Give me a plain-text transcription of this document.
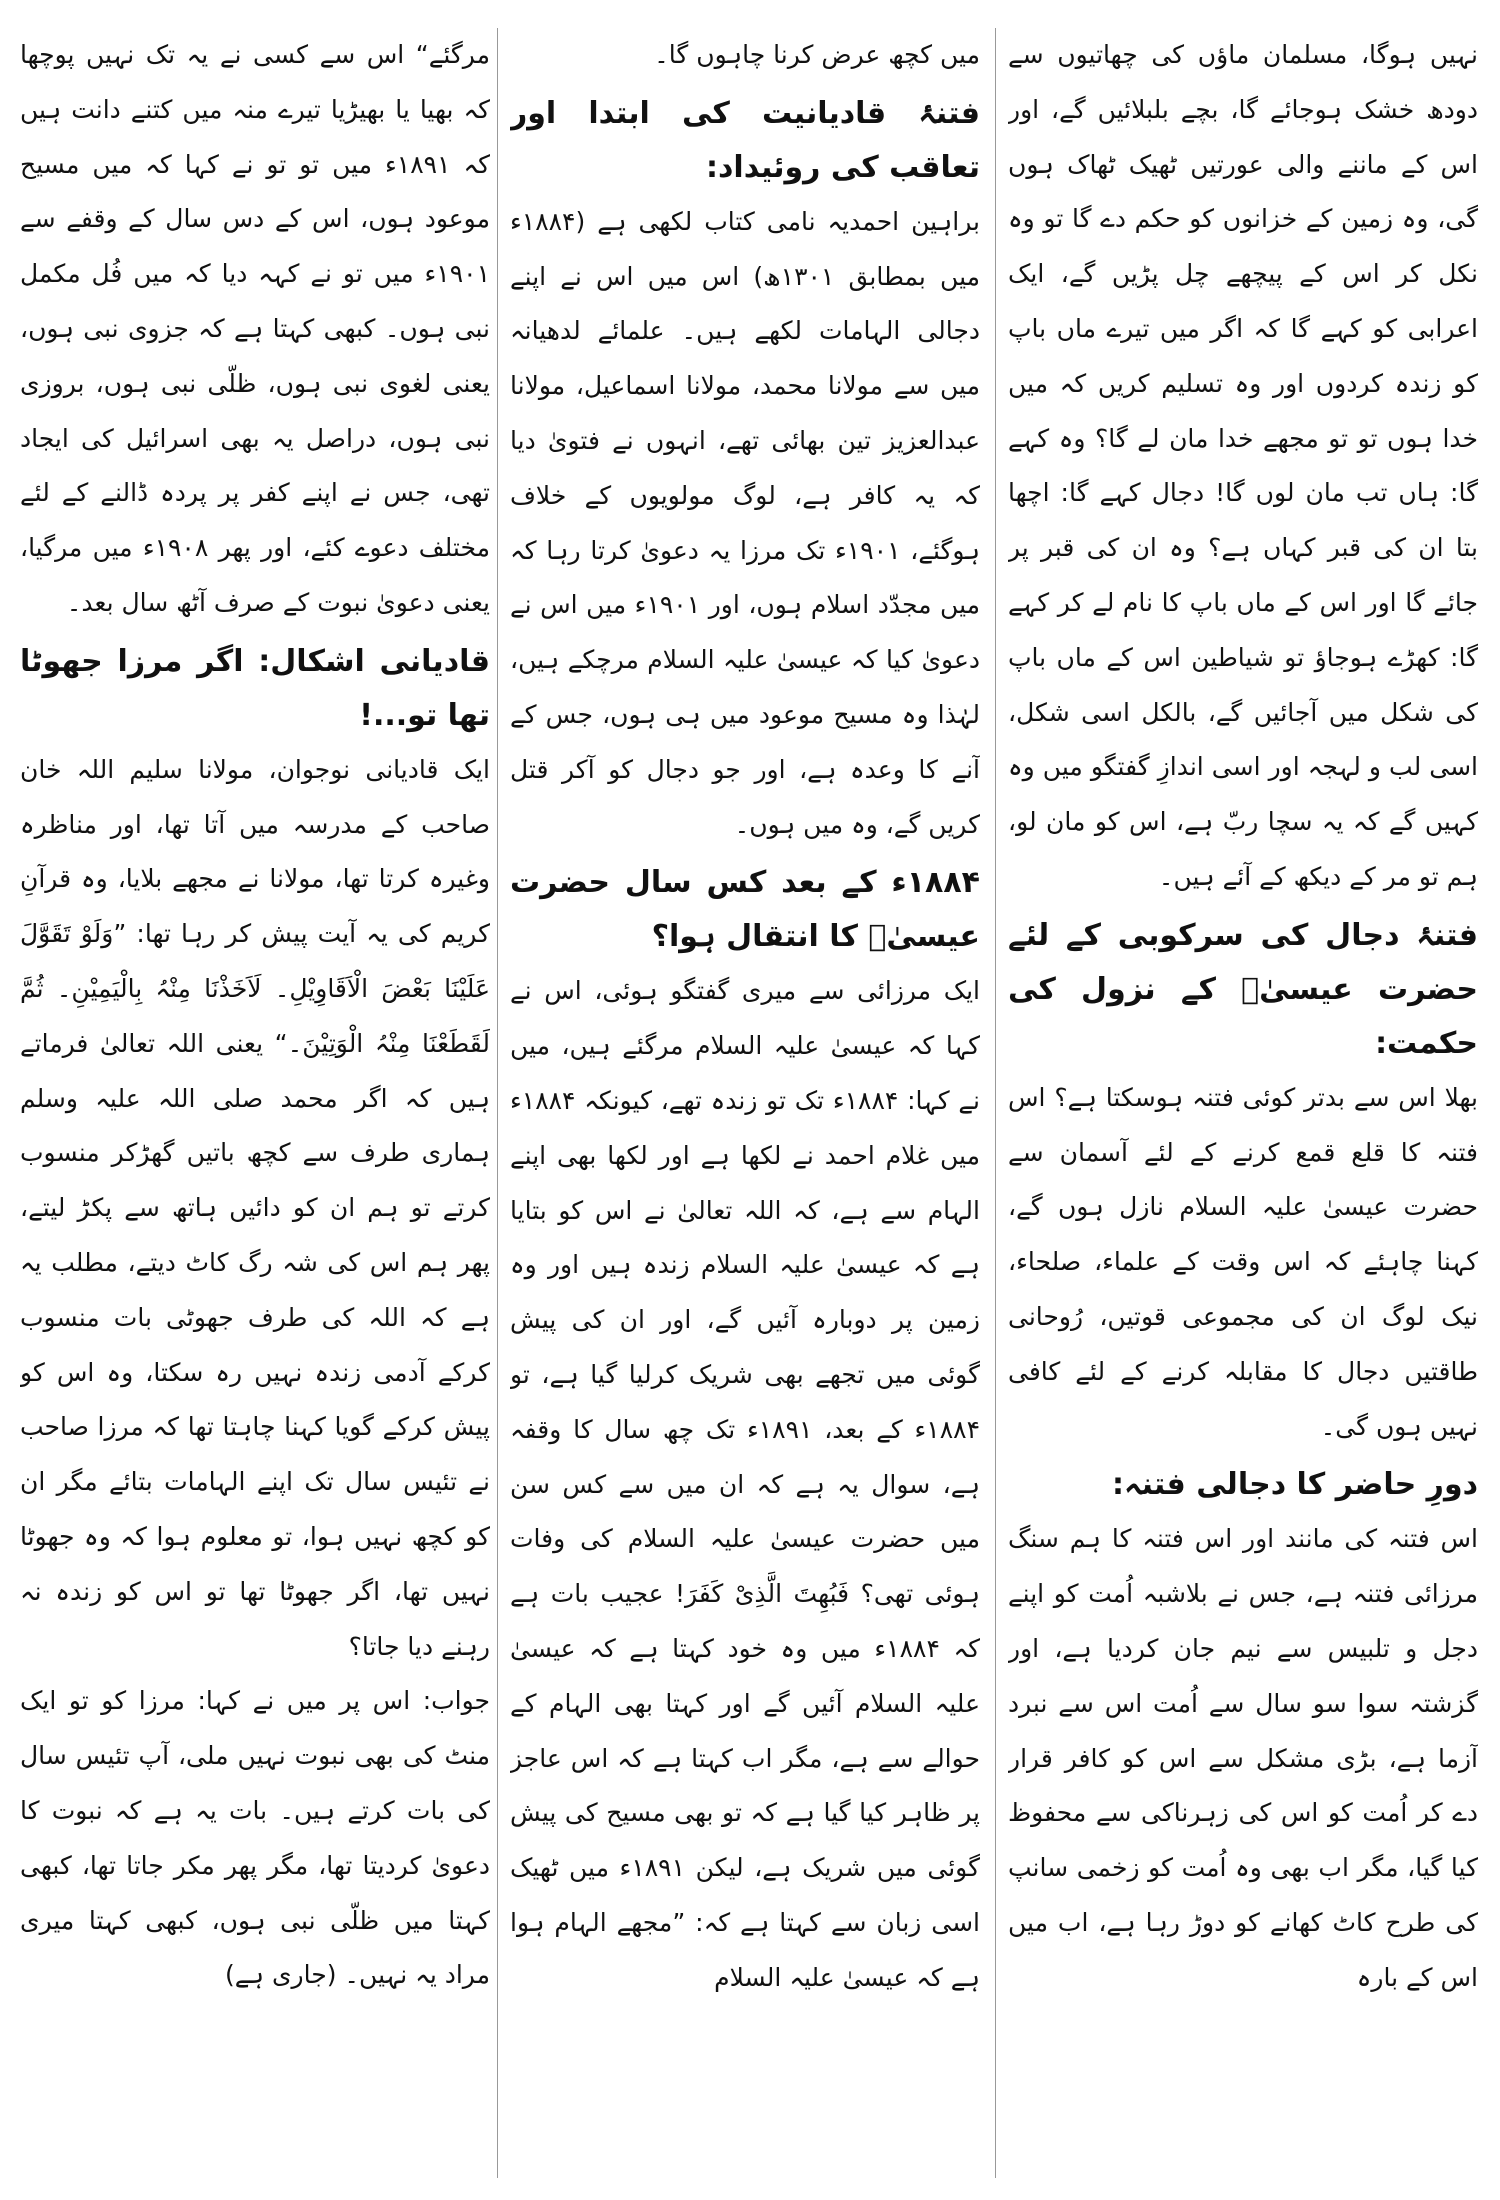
نہیں ہوگا، مسلمان ماؤں کی چھاتیوں سے دودھ خشک ہوجائے گا، بچے بلبلائیں گے، اور اس کے ماننے والی عورتیں ٹھیک ٹھاک ہوں گی، وہ زمین کے خزانوں کو حکم دے گا تو وہ نکل کر اس کے پیچھے چل پڑیں گے، ایک اعرابی کو کہے گا کہ اگر میں تیرے ماں باپ کو زندہ کردوں اور وہ تسلیم کریں کہ میں خدا ہوں تو تو مجھے خدا مان لے گا؟ وہ کہے گا: ہاں تب مان لوں گا! دجال کہے گا: اچھا بتا ان کی قبر کہاں ہے؟ وہ ان کی قبر پر جائے گا اور اس کے ماں باپ کا نام لے کر کہے گا: کھڑے ہوجاؤ تو شیاطین اس کے ماں باپ کی شکل میں آجائیں گے، بالکل اسی شکل، اسی لب و لہجہ اور اسی اندازِ گفتگو میں وہ کہیں گے کہ یہ سچا ربّ ہے، اس کو مان لو، ہم تو مر کے دیکھ کے آئے ہیں۔

فتنۂ دجال کی سرکوبی کے لئے حضرت عیسیٰؑ کے نزول کی حکمت:

بھلا اس سے بدتر کوئی فتنہ ہوسکتا ہے؟ اس فتنہ کا قلع قمع کرنے کے لئے آسمان سے حضرت عیسیٰ علیہ السلام نازل ہوں گے، کہنا چاہئے کہ اس وقت کے علماء، صلحاء، نیک لوگ ان کی مجموعی قوتیں، رُوحانی طاقتیں دجال کا مقابلہ کرنے کے لئے کافی نہیں ہوں گی۔

دورِ حاضر کا دجالی فتنہ:

اس فتنہ کی مانند اور اس فتنہ کا ہم سنگ مرزائی فتنہ ہے، جس نے بلاشبہ اُمت کو اپنے دجل و تلبیس سے نیم جان کردیا ہے، اور گزشتہ سوا سو سال سے اُمت اس سے نبرد آزما ہے، بڑی مشکل سے اس کو کافر قرار دے کر اُمت کو اس کی زہرناکی سے محفوظ کیا گیا، مگر اب بھی وہ اُمت کو زخمی سانپ کی طرح کاٹ کھانے کو دوڑ رہا ہے، اب میں اس کے بارہ

میں کچھ عرض کرنا چاہوں گا۔

فتنۂ قادیانیت کی ابتدا اور تعاقب کی روئیداد:

براہین احمدیہ نامی کتاب لکھی ہے (۱۸۸۴ء میں بمطابق ۱۳۰۱ھ) اس میں اس نے اپنے دجالی الہامات لکھے ہیں۔ علمائے لدھیانہ میں سے مولانا محمد، مولانا اسماعیل، مولانا عبدالعزیز تین بھائی تھے، انہوں نے فتویٰ دیا کہ یہ کافر ہے، لوگ مولویوں کے خلاف ہوگئے، ۱۹۰۱ء تک مرزا یہ دعویٰ کرتا رہا کہ میں مجدّد اسلام ہوں، اور ۱۹۰۱ء میں اس نے دعویٰ کیا کہ عیسیٰ علیہ السلام مرچکے ہیں، لہٰذا وہ مسیح موعود میں ہی ہوں، جس کے آنے کا وعدہ ہے، اور جو دجال کو آکر قتل کریں گے، وہ میں ہوں۔

۱۸۸۴ء کے بعد کس سال حضرت عیسیٰؑ کا انتقال ہوا؟

ایک مرزائی سے میری گفتگو ہوئی، اس نے کہا کہ عیسیٰ علیہ السلام مرگئے ہیں، میں نے کہا: ۱۸۸۴ء تک تو زندہ تھے، کیونکہ ۱۸۸۴ء میں غلام احمد نے لکھا ہے اور لکھا بھی اپنے الہام سے ہے، کہ اللہ تعالیٰ نے اس کو بتایا ہے کہ عیسیٰ علیہ السلام زندہ ہیں اور وہ زمین پر دوبارہ آئیں گے، اور ان کی پیش گوئی میں تجھے بھی شریک کرلیا گیا ہے، تو ۱۸۸۴ء کے بعد، ۱۸۹۱ء تک چھ سال کا وقفہ ہے، سوال یہ ہے کہ ان میں سے کس سن میں حضرت عیسیٰ علیہ السلام کی وفات ہوئی تھی؟ فَبُھِتَ الَّذِیْ کَفَرَ! عجیب بات ہے کہ ۱۸۸۴ء میں وہ خود کہتا ہے کہ عیسیٰ علیہ السلام آئیں گے اور کہتا بھی الہام کے حوالے سے ہے، مگر اب کہتا ہے کہ اس عاجز پر ظاہر کیا گیا ہے کہ تو بھی مسیح کی پیش گوئی میں شریک ہے، لیکن ۱۸۹۱ء میں ٹھیک اسی زبان سے کہتا ہے کہ: ”مجھے الہام ہوا ہے کہ عیسیٰ علیہ السلام

مرگئے“ اس سے کسی نے یہ تک نہیں پوچھا کہ بھیا یا بھیڑیا تیرے منہ میں کتنے دانت ہیں کہ ۱۸۹۱ء میں تو تو نے کہا کہ میں مسیح موعود ہوں، اس کے دس سال کے وقفے سے ۱۹۰۱ء میں تو نے کہہ دیا کہ میں فُل مکمل نبی ہوں۔ کبھی کہتا ہے کہ جزوی نبی ہوں، یعنی لغوی نبی ہوں، ظلّی نبی ہوں، بروزی نبی ہوں، دراصل یہ بھی اسرائیل کی ایجاد تھی، جس نے اپنے کفر پر پردہ ڈالنے کے لئے مختلف دعوے کئے، اور پھر ۱۹۰۸ء میں مرگیا، یعنی دعویٰ نبوت کے صرف آٹھ سال بعد۔

قادیانی اشکال: اگر مرزا جھوٹا تھا تو...!

ایک قادیانی نوجوان، مولانا سلیم اللہ خان صاحب کے مدرسہ میں آتا تھا، اور مناظرہ وغیرہ کرتا تھا، مولانا نے مجھے بلایا، وہ قرآنِ کریم کی یہ آیت پیش کر رہا تھا: ”وَلَوْ تَقَوَّلَ عَلَیْنَا بَعْضَ الْاَقَاوِیْلِ۔ لَاَخَذْنَا مِنْہُ بِالْیَمِیْنِ۔ ثُمَّ لَقَطَعْنَا مِنْہُ الْوَتِیْنَ۔“ یعنی اللہ تعالیٰ فرماتے ہیں کہ اگر محمد صلی اللہ علیہ وسلم ہماری طرف سے کچھ باتیں گھڑکر منسوب کرتے تو ہم ان کو دائیں ہاتھ سے پکڑ لیتے، پھر ہم اس کی شہ رگ کاٹ دیتے، مطلب یہ ہے کہ اللہ کی طرف جھوٹی بات منسوب کرکے آدمی زندہ نہیں رہ سکتا، وہ اس کو پیش کرکے گویا کہنا چاہتا تھا کہ مرزا صاحب نے تئیس سال تک اپنے الہامات بتائے مگر ان کو کچھ نہیں ہوا، تو معلوم ہوا کہ وہ جھوٹا نہیں تھا، اگر جھوٹا تھا تو اس کو زندہ نہ رہنے دیا جاتا؟

جواب: اس پر میں نے کہا: مرزا کو تو ایک منٹ کی بھی نبوت نہیں ملی، آپ تئیس سال کی بات کرتے ہیں۔ بات یہ ہے کہ نبوت کا دعویٰ کردیتا تھا، مگر پھر مکر جاتا تھا، کبھی کہتا میں ظلّی نبی ہوں، کبھی کہتا میری مراد یہ نہیں۔ (جاری ہے)
